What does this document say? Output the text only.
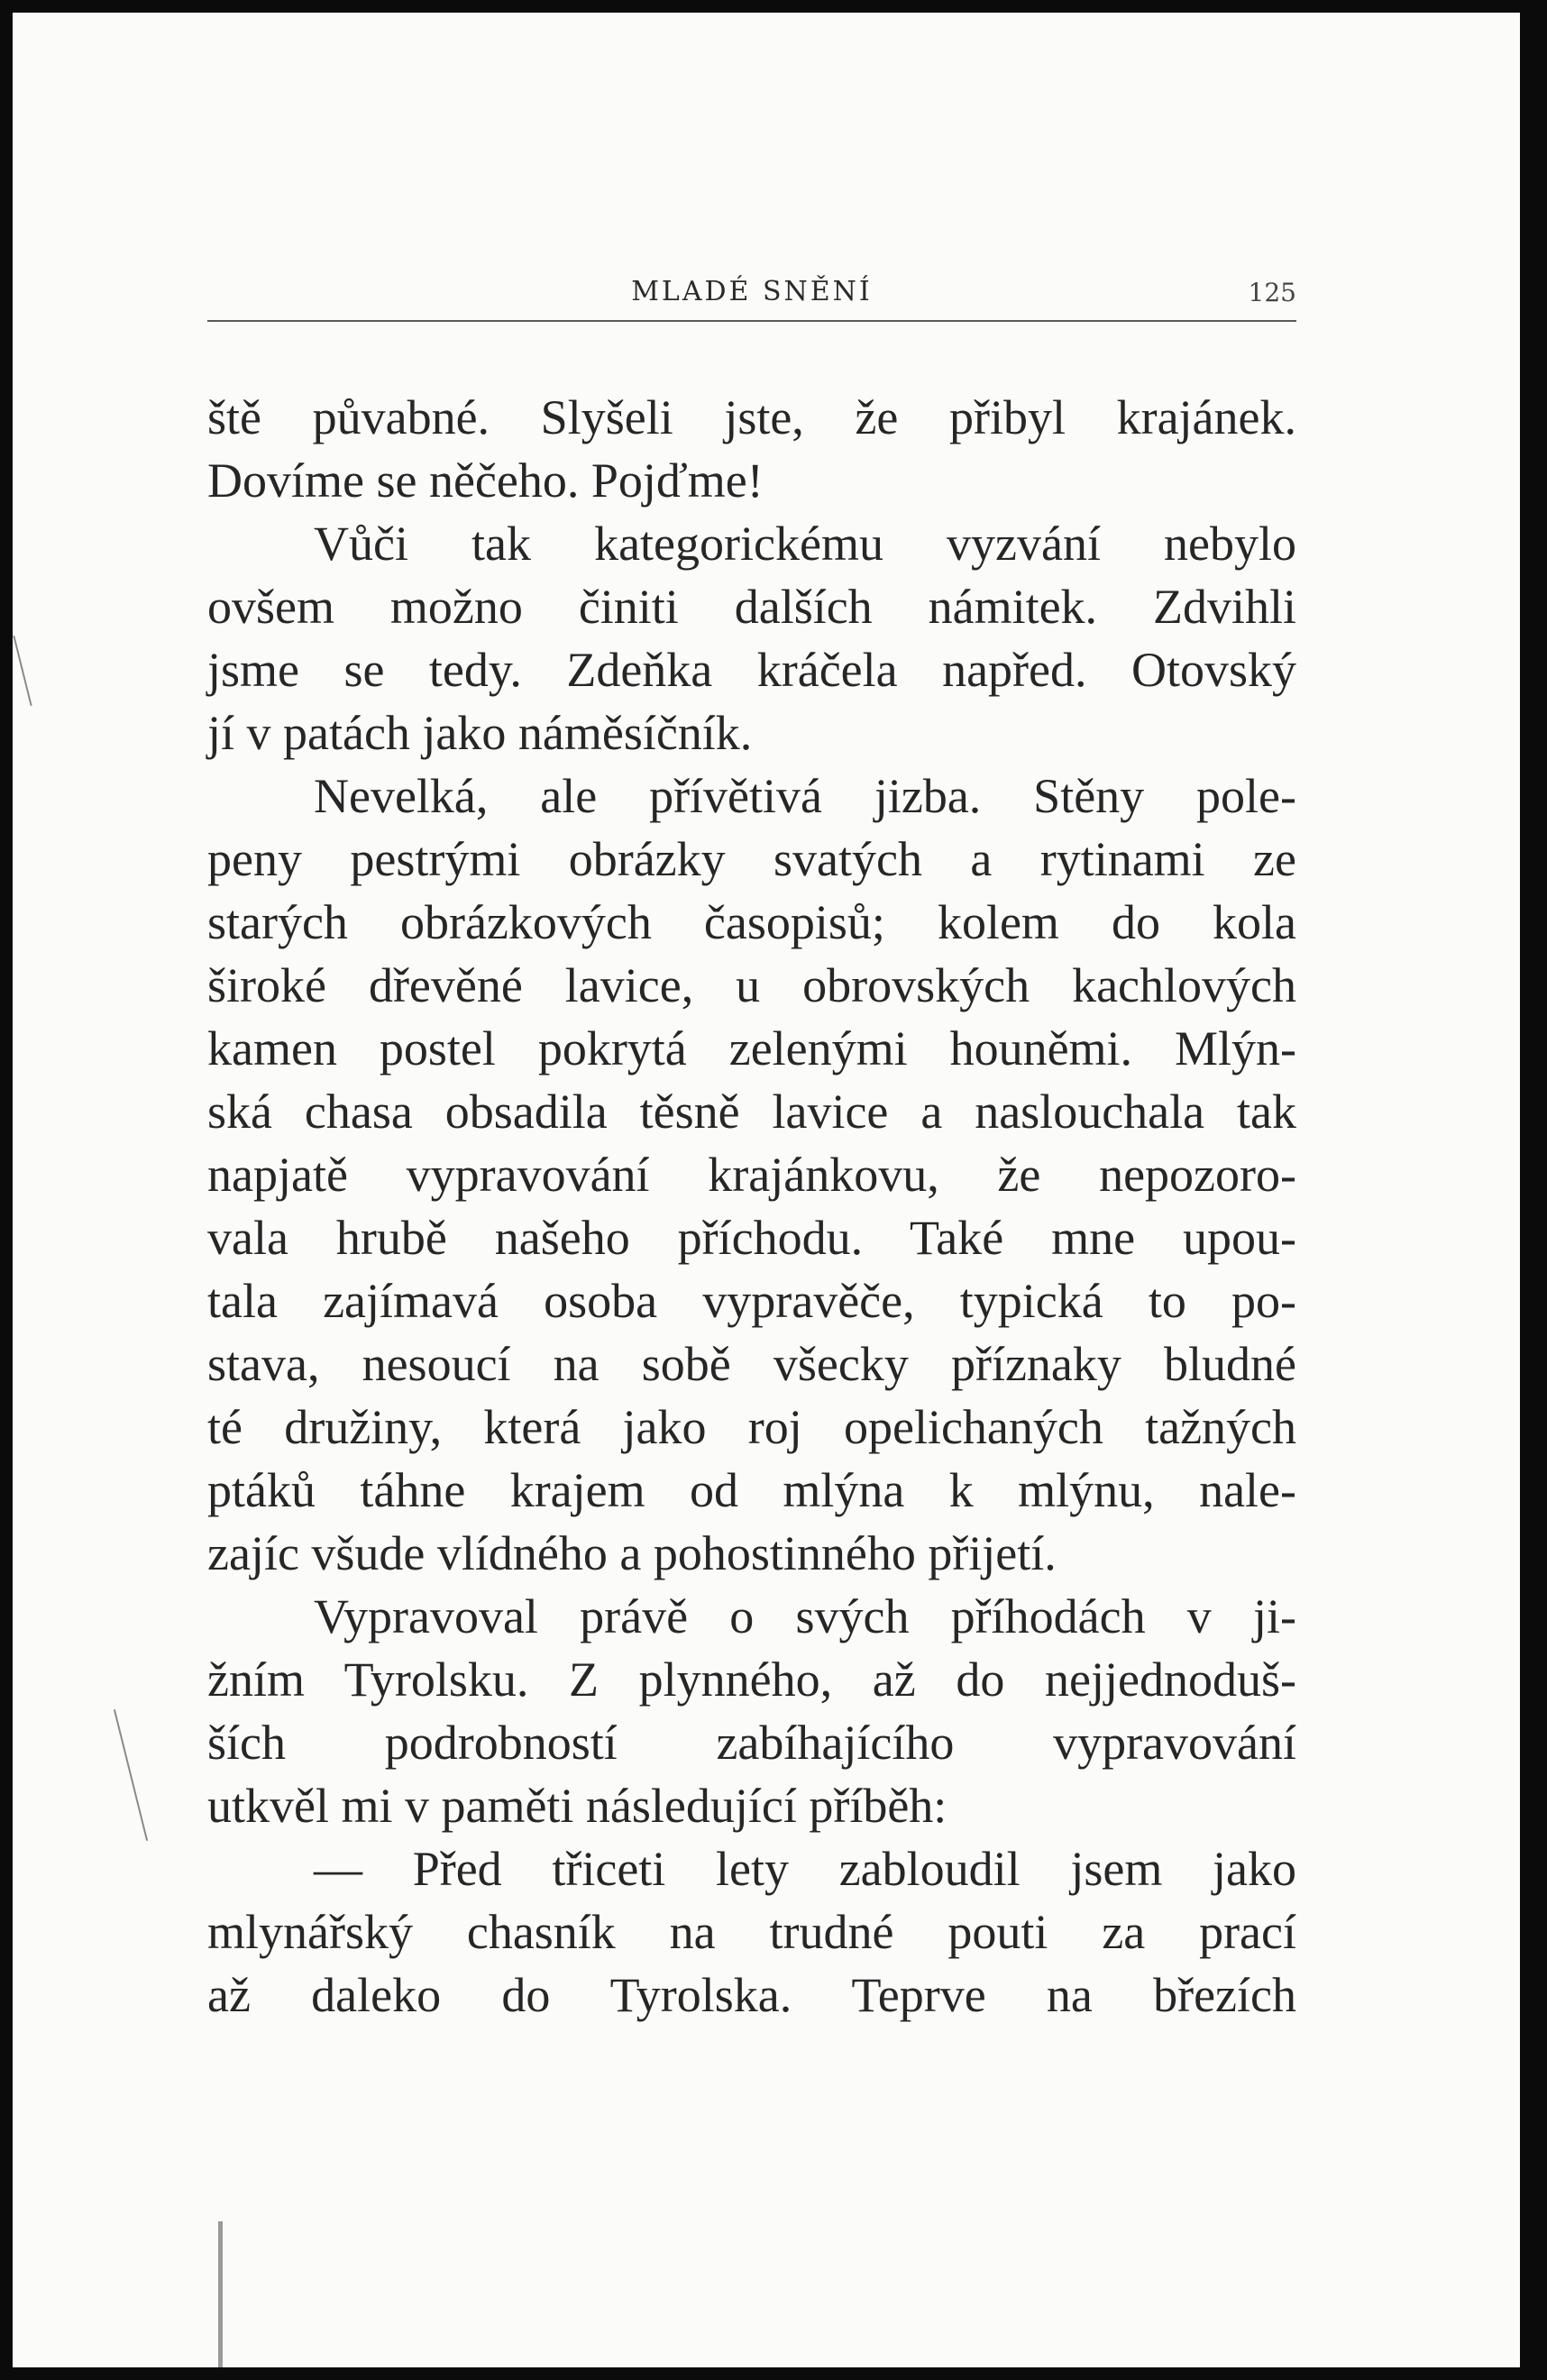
MLADÉ SNĚNÍ	125
ště půvabné. Slyšeli jste, že přibyl krajánek.
Dovíme se něčeho. Pojďme!
Vůči tak kategorickému vyzvání nebylo
ovšem možno činiti dalších námitek. Zdvihli
jsme se tedy. Zdeňka kráčela napřed. Otovský
jí v patách jako náměsíčník.
Nevelká, ale přívětivá jizba. Stěny pole-
peny pestrými obrázky svatých a rytinami ze
starých obrázkových časopisů; kolem do kola
široké dřevěné lavice, u obrovských kachlových
kamen postel pokrytá zelenými houněmi. Mlýn-
ská chasa obsadila těsně lavice a naslouchala tak
napjatě vypravování krajánkovu, že nepozoro-
vala hrubě našeho příchodu. Také mne upou-
tala zajímavá osoba vypravěče, typická to po-
stava, nesoucí na sobě všecky příznaky bludné
té družiny, která jako roj opelichaných tažných
ptáků táhne krajem od mlýna k mlýnu, nale-
zajíc všude vlídného a pohostinného přijetí.
Vypravoval právě o svých příhodách v ji-
žním Tyrolsku. Z plynného, až do nejjednoduš-
ších podrobností zabíhajícího vypravování
utkvěl mi v paměti následující příběh:
— Před třiceti lety zabloudil jsem jako
mlynářský chasník na trudné pouti za prací
až daleko do Tyrolska. Teprve na březích
